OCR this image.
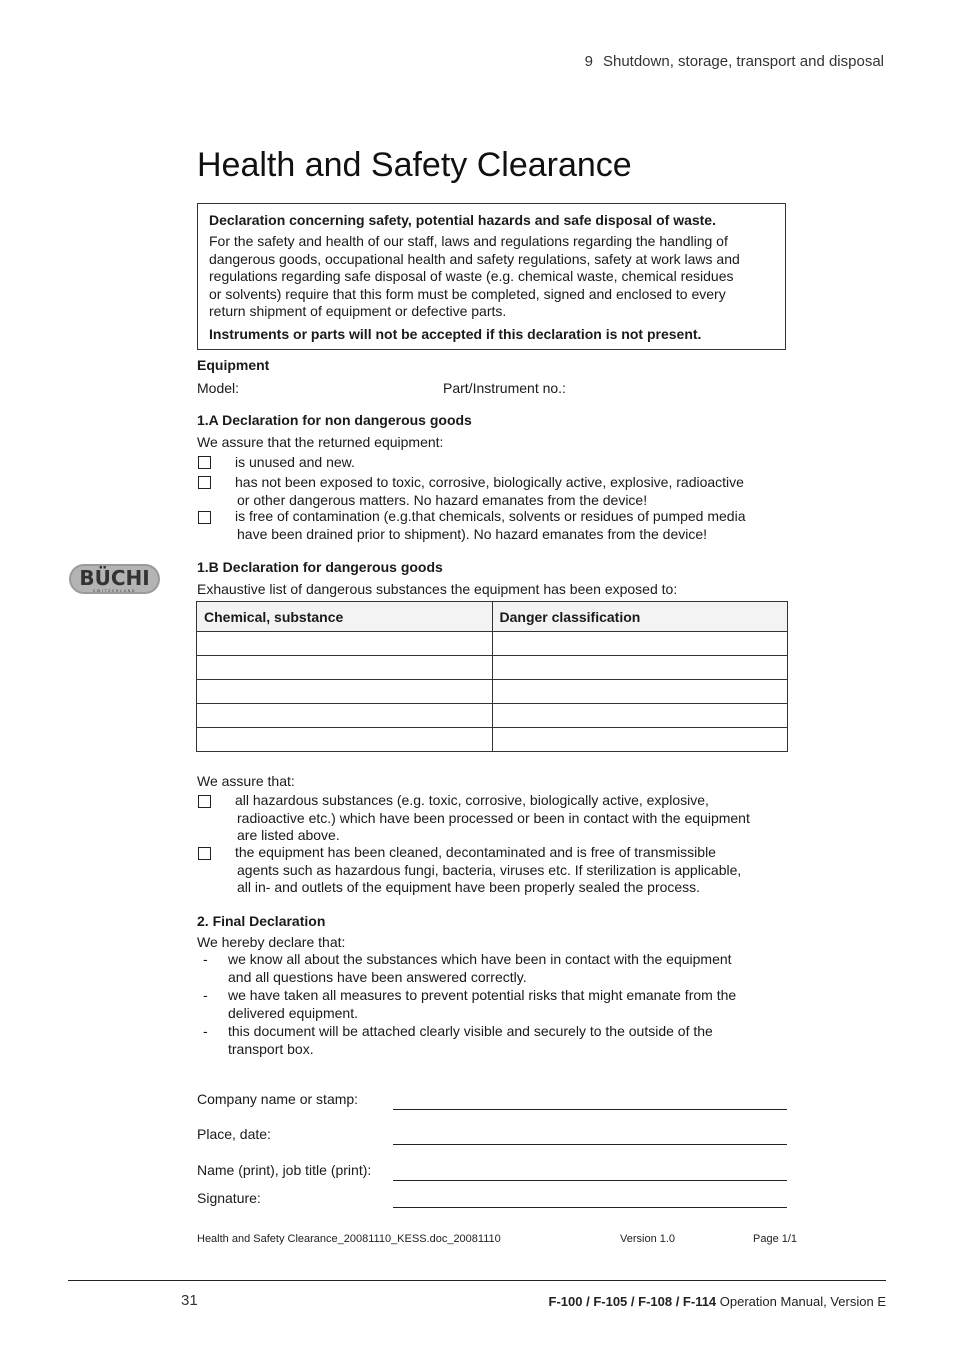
9 Shutdown, storage, transport and disposal
Health and Safety Clearance

Declaration concerning safety, potential hazards and safe disposal of waste.

For the safety and health of our staff, laws and regulations regarding the handling of
dangerous goods, occupational health and safety regulations, safety at work laws and
regulations regarding safe disposal of waste (e.g. chemical waste, chemical residues
or solvents) require that this form must be completed, signed and enclosed to every
return shipment of equipment or defective parts.

Instruments or parts will not be accepted if this declaration is not present.

Equipment
Model:	Part/Instrument no.:
1.A Declaration for non dangerous goods
We assure that the returned equipment:
is unused and new.
has not been exposed to toxic, corrosive, biologically active, explosive, radioactive
or other dangerous matters. No hazard emanates from the device!
is free of contamination (e.g.that chemicals, solvents or residues of pumped media
have been drained prior to shipment). No hazard emanates from the device!
BÜCHI
SWITZERLAND
1.B Declaration for dangerous goods
Exhaustive list of dangerous substances the equipment has been exposed to:
Chemical, substance	Danger classification

We assure that:
all hazardous substances (e.g. toxic, corrosive, biologically active, explosive,
radioactive etc.) which have been processed or been in contact with the equipment
are listed above.
the equipment has been cleaned, decontaminated and is free of transmissible
agents such as hazardous fungi, bacteria, viruses etc. If sterilization is applicable,
all in- and outlets of the equipment have been properly sealed the process.
2. Final Declaration
We hereby declare that:
- we know all about the substances which have been in contact with the equipment
and all questions have been answered correctly.
- we have taken all measures to prevent potential risks that might emanate from the
delivered equipment.
- this document will be attached clearly visible and securely to the outside of the
transport box.
Company name or stamp:
Place, date:
Name (print), job title (print):
Signature:
Health and Safety Clearance_20081110_KESS.doc_20081110	Version 1.0	Page 1/1
31	F-100 / F-105 / F-108 / F-114 Operation Manual, Version E
